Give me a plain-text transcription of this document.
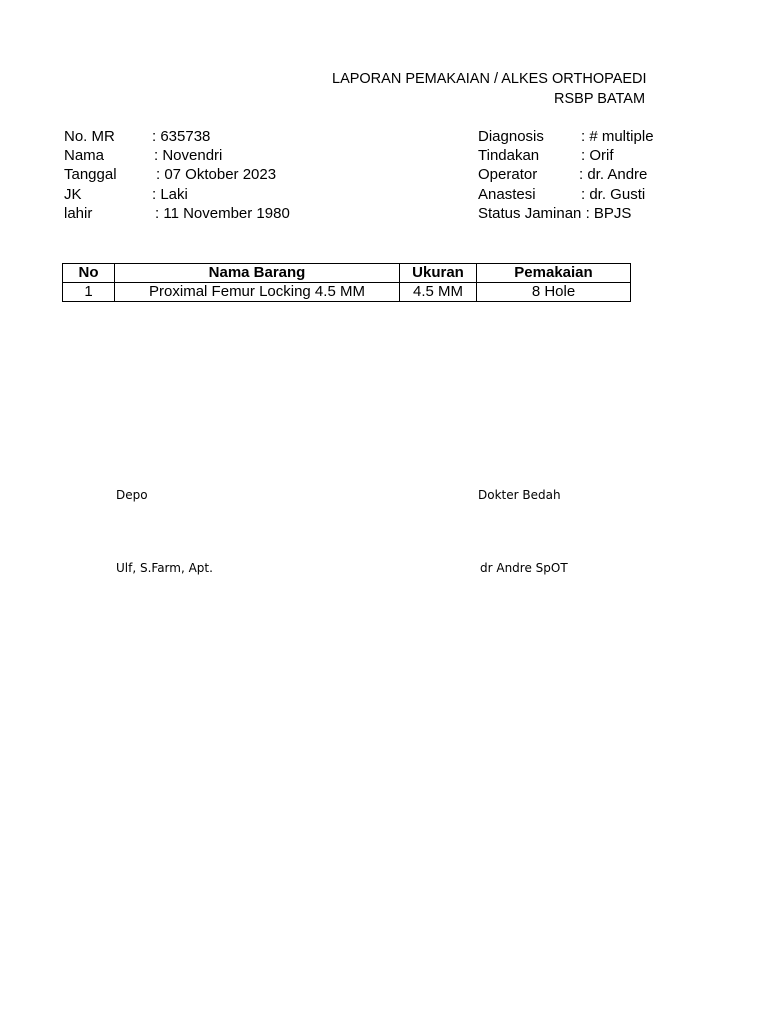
LAPORAN PEMAKAIAN / ALKES ORTHOPAEDI
RSBP BATAM
No. MR : 635738
Nama	: Novendri
Tanggal	: 07 Oktober 2023
JK	: Laki
lahir	: 11 November 1980
Diagnosis : # multiple
Tindakan	: Orif
Operator	: dr. Andre
Anastesi	: dr. Gusti
Status Jaminan : BPJS
No	Nama Barang	Ukuran	Pemakaian
1	Proximal Femur Locking 4.5 MM	4.5 MM	8 Hole
Depo	Dokter Bedah
Ulf, S.Farm, Apt.	dr Andre SpOT
